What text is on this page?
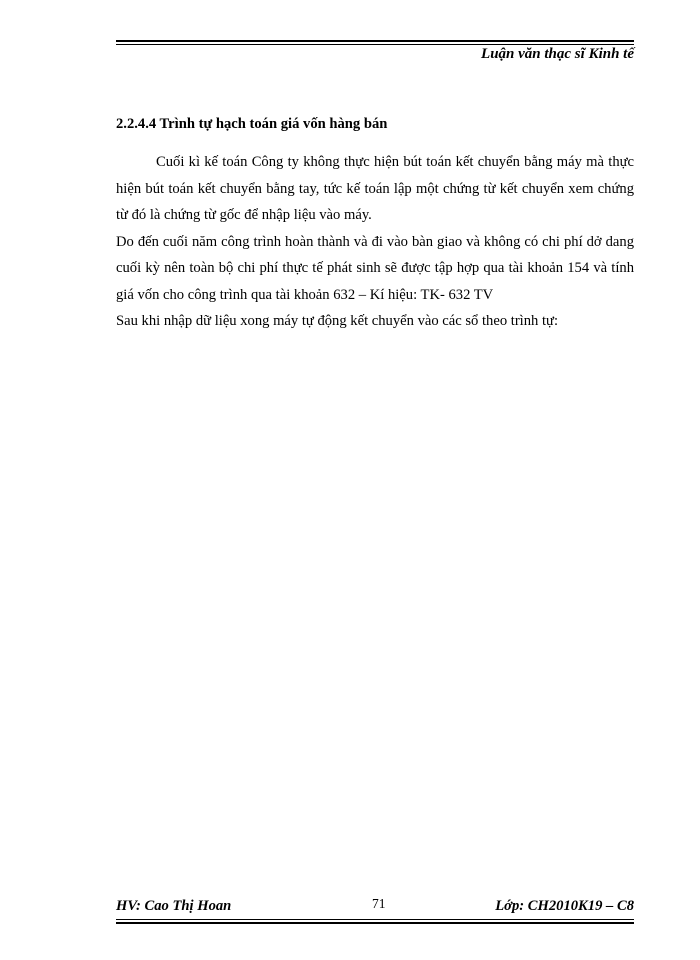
Luận văn thạc sĩ Kinh tế

2.2.4.4 Trình tự hạch toán giá vốn hàng bán

Cuối kì kế toán Công ty không thực hiện bút toán kết chuyển bằng máy mà thực hiện bút toán kết chuyển bằng tay, tức kế toán lập một chứng từ kết chuyển xem chứng từ đó là chứng từ gốc để nhập liệu vào máy.

Do đến cuối năm công trình hoàn thành và đi vào bàn giao và không có chi phí dở dang cuối kỳ nên toàn bộ chi phí thực tế phát sinh sẽ được tập hợp qua tài khoản 154 và tính giá vốn cho công trình qua tài khoản 632 – Kí hiệu: TK- 632 TV

Sau khi nhập dữ liệu xong máy tự động kết chuyển vào các sổ theo trình tự:

HV: Cao Thị Hoan	71	Lớp: CH2010K19 – C8
